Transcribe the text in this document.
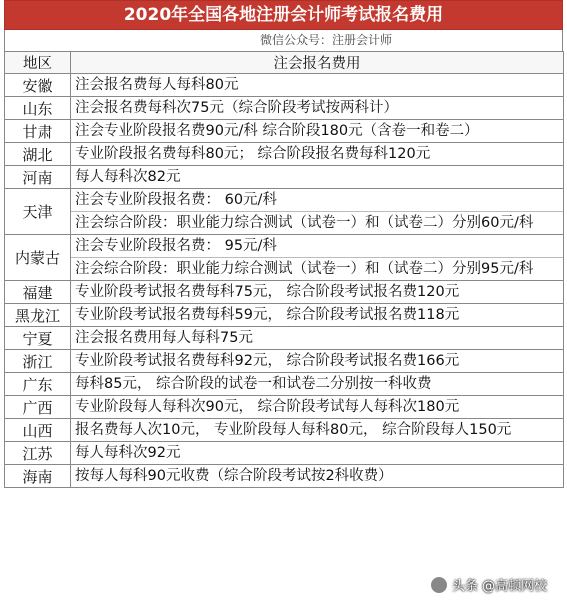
2020年全国各地注册会计师考试报名费用
微信公众号：注册会计师
地区	注会报名费用
安徽	注会报名费每人每科80元

山东	注会报名费每科次75元（综合阶段考试按两科计）

甘肃	注会专业阶段报名费90元/科 综合阶段180元（含卷一和卷二）

湖北	专业阶段报名费每科80元； 综合阶段报名费每科120元

河南	每人每科次82元

天津	注会专业阶段报名费： 60元/科
注会综合阶段：职业能力综合测试（试卷一）和（试卷二）分别60元/科

内蒙古	注会专业阶段报名费： 95元/科
注会综合阶段：职业能力综合测试（试卷一）和（试卷二）分别95元/科

福建	专业阶段考试报名费每科75元， 综合阶段考试报名费120元

黑龙江	专业阶段考试报名费每科59元， 综合阶段考试报名费118元

宁夏	注会报名费用每人每科75元

浙江	专业阶段考试报名费每科92元， 综合阶段考试报名费166元

广东	每科85元， 综合阶段的试卷一和试卷二分别按一科收费

广西	专业阶段每人每科次90元， 综合阶段考试每人每科次180元

山西	报名费每人次10元， 专业阶段每人每科80元， 综合阶段每人150元

江苏	每人每科次92元

海南	按每人每科90元收费（综合阶段考试按2科收费）
头条 @高顿网校
